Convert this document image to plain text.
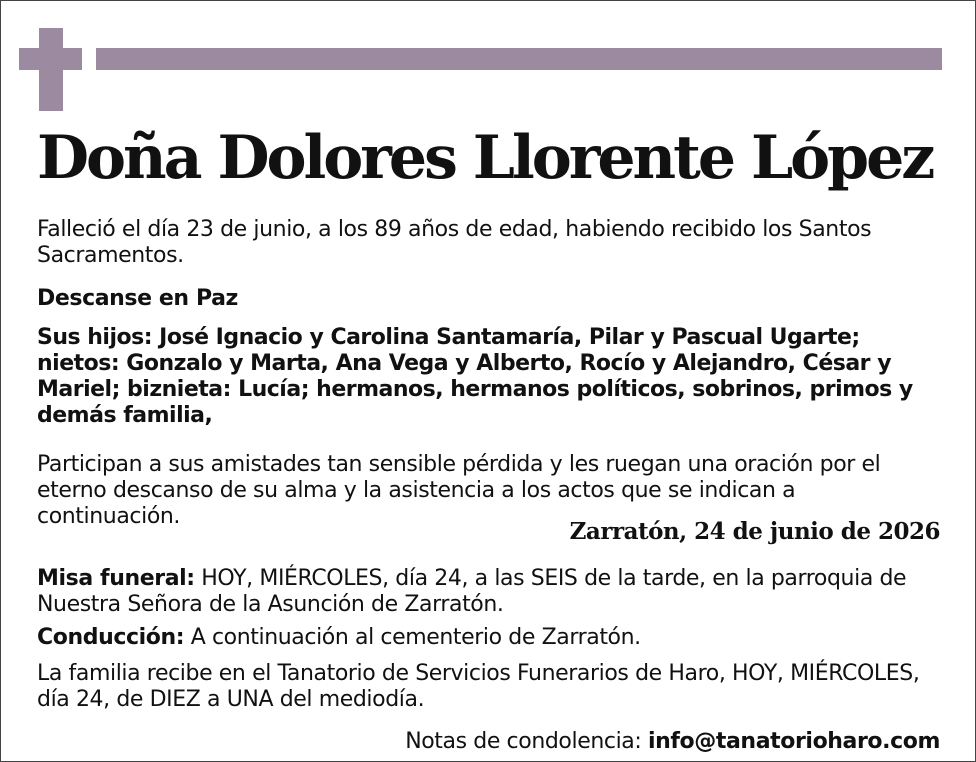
Doña Dolores Llorente López
Falleció el día 23 de junio, a los 89 años de edad, habiendo recibido los Santos Sacramentos.
Descanse en Paz
Sus hijos: José Ignacio y Carolina Santamaría, Pilar y Pascual Ugarte; nietos: Gonzalo y Marta, Ana Vega y Alberto, Rocío y Alejandro, César y Mariel; biznieta: Lucía; hermanos, hermanos políticos, sobrinos, primos y demás familia,
Participan a sus amistades tan sensible pérdida y les ruegan una oración por el eterno descanso de su alma y la asistencia a los actos que se indican a continuación.
Zarratón, 24 de junio de 2026
Misa funeral: HOY, MIÉRCOLES, día 24, a las SEIS de la tarde, en la parroquia de Nuestra Señora de la Asunción de Zarratón.
Conducción: A continuación al cementerio de Zarratón.
La familia recibe en el Tanatorio de Servicios Funerarios de Haro, HOY, MIÉRCOLES, día 24, de DIEZ a UNA del mediodía.
Notas de condolencia: info@tanatorioharo.com
